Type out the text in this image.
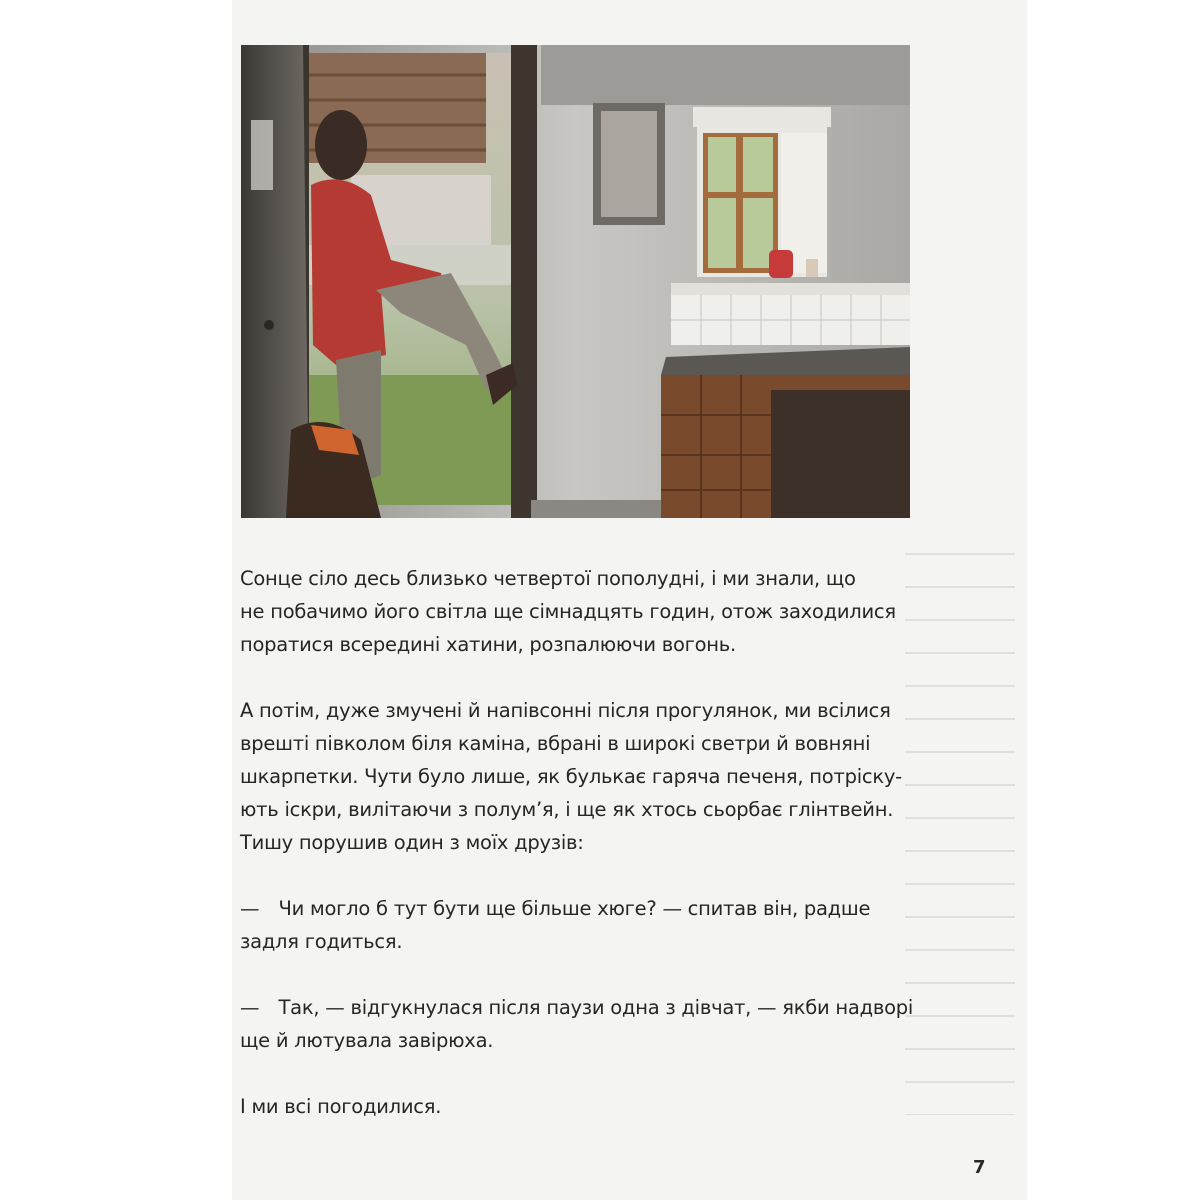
Сонце сіло десь близько четвертої пополудні, і ми знали, що
не побачимо його світла ще сімнадцять годин, отож заходилися
поратися всередині хатини, розпалюючи вогонь.

А потім, дуже змучені й напівсонні після прогулянок, ми всілися
врешті півколом біля каміна, вбрані в широкі светри й вовняні
шкарпетки. Чути було лише, як булькає гаряча печеня, потріску-
ють іскри, вилітаючи з полум’я, і ще як хтось сьорбає глінтвейн.
Тишу порушив один з моїх друзів:

— Чи могло б тут бути ще більше хюге? — спитав він, радше
задля годиться.

— Так, — відгукнулася після паузи одна з дівчат, — якби надворі
ще й лютувала завірюха.

І ми всі погодилися.

7
